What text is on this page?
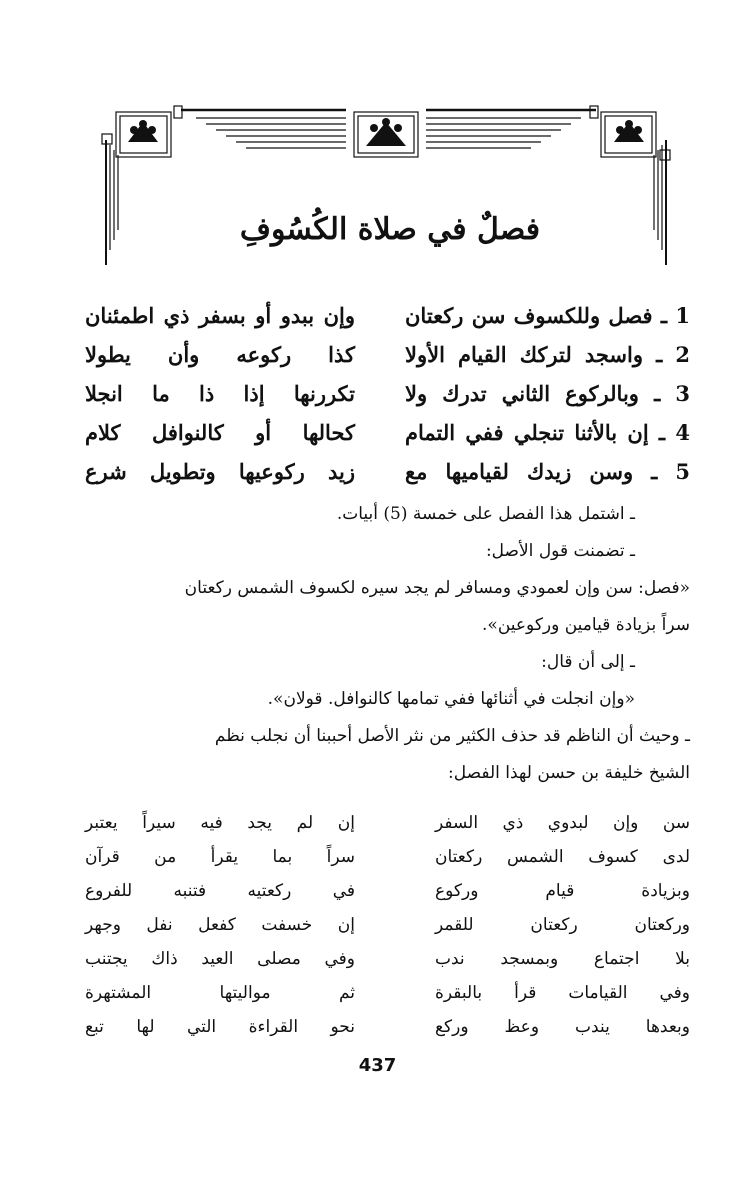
فصلٌ في صلاة الكُسُوفِ
1 ـ فصل وللكسوف سن ركعتان
وإن ببدو أو بسفر ذي اطمئنان
2 ـ واسجد لتركك القيام الأولا
كذا ركوعه وأن يطولا
3 ـ وبالركوع الثاني تدرك ولا
تكررنها إذا ذا ما انجلا
4 ـ إن بالأثنا تنجلي ففي التمام
كحالها أو كالنوافل كلام
5 ـ وسن زيدك لقياميها مع
زيد ركوعيها وتطويل شرع

ـ اشتمل هذا الفصل على خمسة (5) أبيات.

ـ تضمنت قول الأصل:

«فصل: سن وإن لعمودي ومسافر لم يجد سيره لكسوف الشمس ركعتان

سراً بزيادة قيامين وركوعين».

ـ إلى أن قال:

«وإن انجلت في أثنائها ففي تمامها كالنوافل. قولان».

ـ وحيث أن الناظم قد حذف الكثير من نثر الأصل أحببنا أن نجلب نظم

الشيخ خليفة بن حسن لهذا الفصل:

سن وإن لبدوي ذي السفر
إن لم يجد فيه سيراً يعتبر
لدى كسوف الشمس ركعتان
سراً بما يقرأ من قرآن
وبزيادة قيام وركوع
في ركعتيه فتنبه للفروع
وركعتان ركعتان للقمر
إن خسفت كفعل نفل وجهر
بلا اجتماع وبمسجد ندب
وفي مصلى العيد ذاك يجتنب
وفي القيامات قرأ بالبقرة
ثم مواليتها المشتهرة
وبعدها يندب وعظ وركع
نحو القراءة التي لها تبع
437
